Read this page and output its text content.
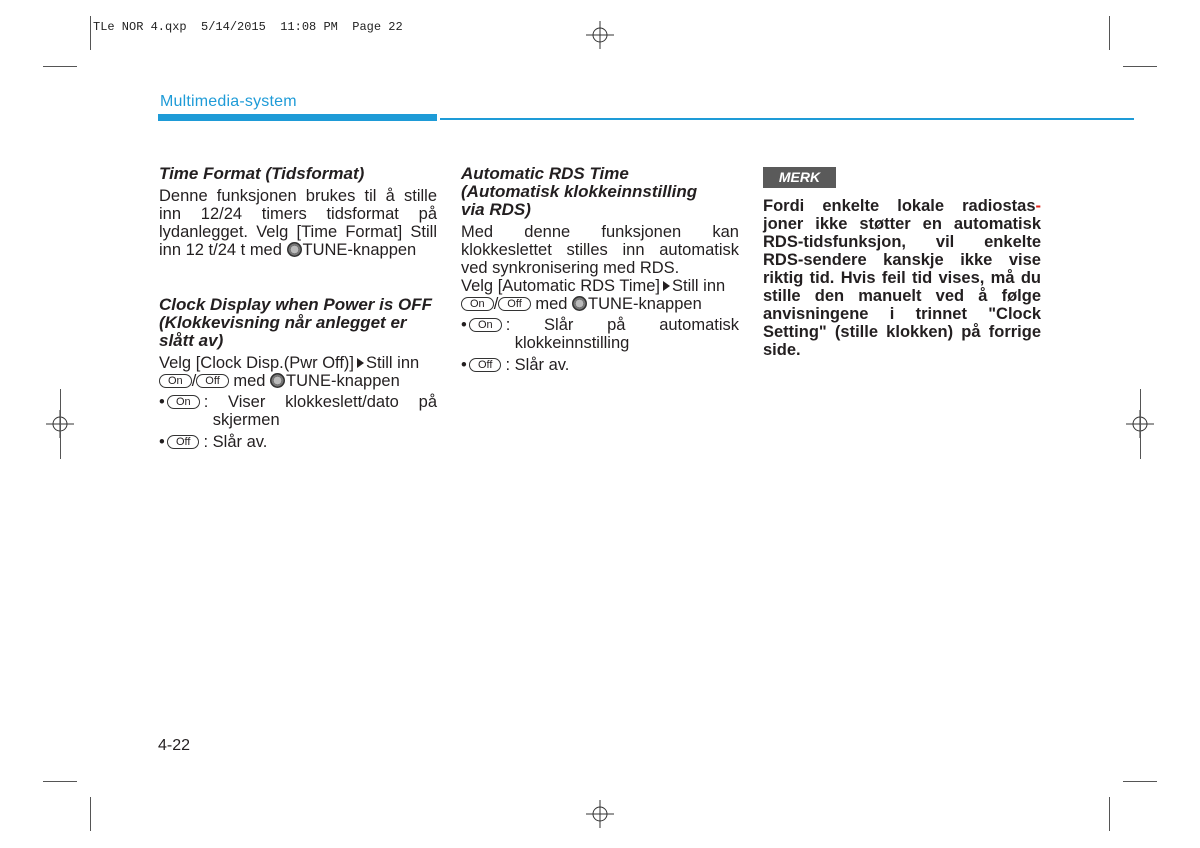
TLe NOR 4.qxp  5/14/2015  11:08 PM  Page 22
Multimedia-system

Time Format (Tidsformat)

Denne funksjonen brukes til å stille
inn 12/24 timers tidsformat på
lydanlegget. Velg [Time Format] Still
inn 12 t/24 t med TUNE-knappen

Clock Display when Power is OFF

(Klokkevisning når anlegget er

slått av)

Velg [Clock Disp.(Pwr Off)] Still inn
On / Off med TUNE-knappen
•	On : Viser klokkeslett/dato på
skjermen
•	Off : Slår av.

Automatic RDS Time

(Automatisk klokkeinnstilling

via RDS)

Med denne funksjonen kan
klokkeslettet stilles inn automatisk
ved synkronisering med RDS.
Velg [Automatic RDS Time] Still inn
On / Off med TUNE-knappen
•	On : Slår på automatisk
klokkeinnstilling
•	Off : Slår av.
MERK
Fordi enkelte lokale radiostas-
joner ikke støtter en automatisk
RDS-tidsfunksjon, vil enkelte
RDS-sendere kanskje ikke vise
riktig tid. Hvis feil tid vises, må du
stille den manuelt ved å følge
anvisningene i trinnet "Clock
Setting" (stille klokken) på forrige
side.
4-22
